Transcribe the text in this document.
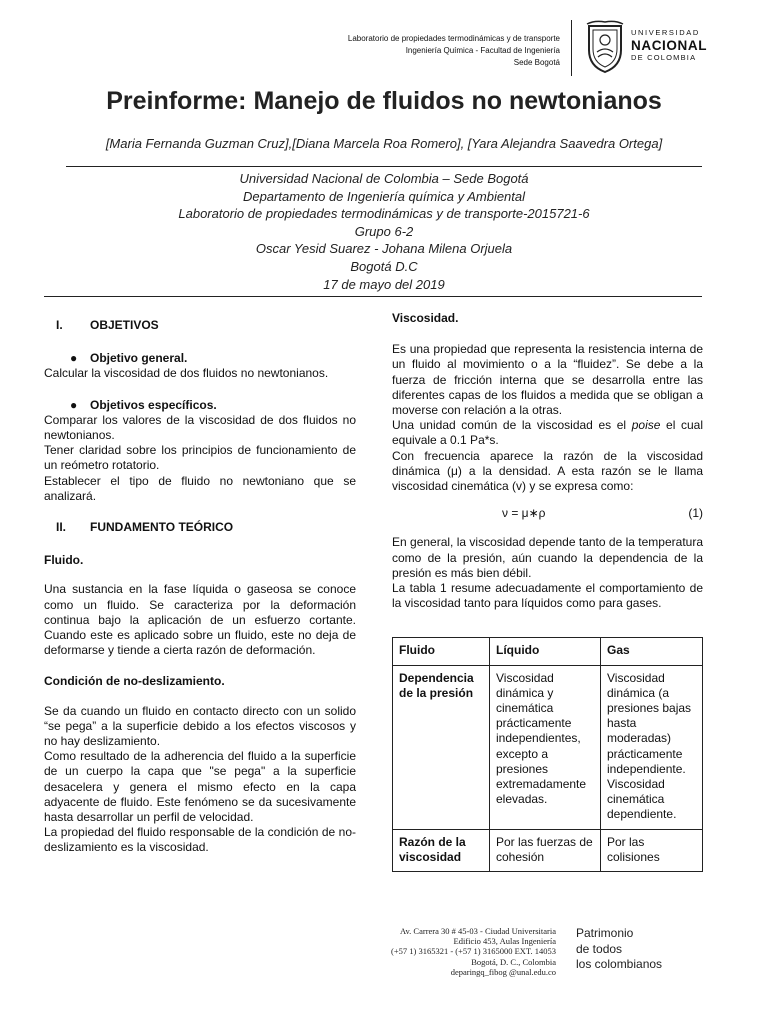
Laboratorio de propiedades termodinámicas y de transporte
Ingeniería Química - Facultad de Ingeniería
Sede Bogotá
UNIVERSIDAD
NACIONAL
DE COLOMBIA
Preinforme: Manejo de fluidos no newtonianos
[Maria Fernanda Guzman Cruz],[Diana Marcela Roa Romero], [Yara Alejandra Saavedra Ortega]
Universidad Nacional de Colombia – Sede Bogotá
Departamento de Ingeniería química y Ambiental
Laboratorio de propiedades termodinámicas y de transporte-2015721-6
Grupo 6-2
Oscar Yesid Suarez - Johana Milena Orjuela
Bogotá D.C
17 de mayo del 2019
I.	OBJETIVOS
●	Objetivo general.

Calcular la viscosidad de dos fluidos no newtonianos.

●	Objetivos específicos.

Comparar los valores de la viscosidad de dos fluidos no newtonianos.

Tener claridad sobre los principios de funcionamiento de un reómetro rotatorio.

Establecer el tipo de fluido no newtoniano que se analizará.

II.	FUNDAMENTO TEÓRICO
Fluido.

Una sustancia en la fase líquida o gaseosa se conoce como un fluido. Se caracteriza por la deformación continua bajo la aplicación de un esfuerzo cortante. Cuando este es aplicado sobre un fluido, este no deja de deformarse y tiende a cierta razón de deformación.

Condición de no-deslizamiento.

Se da cuando un fluido en contacto directo con un solido “se pega” a la superficie debido a los efectos viscosos y no hay deslizamiento.

Como resultado de la adherencia del fluido a la superficie de un cuerpo la capa que "se pega" a la superficie desacelera y genera el mismo efecto en la capa adyacente de fluido. Este fenómeno se da sucesivamente hasta desarrollar un perfil de velocidad.

La propiedad del fluido responsable de la condición de no-deslizamiento es la viscosidad.

Viscosidad.

Es una propiedad que representa la resistencia interna de un fluido al movimiento o a la “fluidez”. Se debe a la fuerza de fricción interna que se desarrolla entre las diferentes capas de los fluidos a medida que se obligan a moverse con relación a la otras.

Una unidad común de la viscosidad es el poise el cual equivale a 0.1 Pa*s.

Con frecuencia aparece la razón de la viscosidad dinámica (μ) a la densidad. A esta razón se le llama viscosidad cinemática (v) y se expresa como:

ν = μ∗ρ	(1)

En general, la viscosidad depende tanto de la temperatura como de la presión, aún cuando la dependencia de la presión es más bien débil.

La tabla 1 resume adecuadamente el comportamiento de la viscosidad tanto para líquidos como para gases.

Fluido	Líquido	Gas
Dependencia de la presión	Viscosidad dinámica y cinemática prácticamente independientes, excepto a presiones extremadamente elevadas.	Viscosidad dinámica (a presiones bajas hasta moderadas) prácticamente independiente. Viscosidad cinemática dependiente.
Razón de la viscosidad	Por las fuerzas de cohesión	Por las colisiones
Av. Carrera 30 # 45-03 - Ciudad Universitaria
Edificio 453, Aulas Ingeniería
(+57 1) 3165321 - (+57 1) 3165000 EXT. 14053
Bogotá, D. C., Colombia
deparingq_fibog @unal.edu.co
Patrimonio
de todos
los colombianos
